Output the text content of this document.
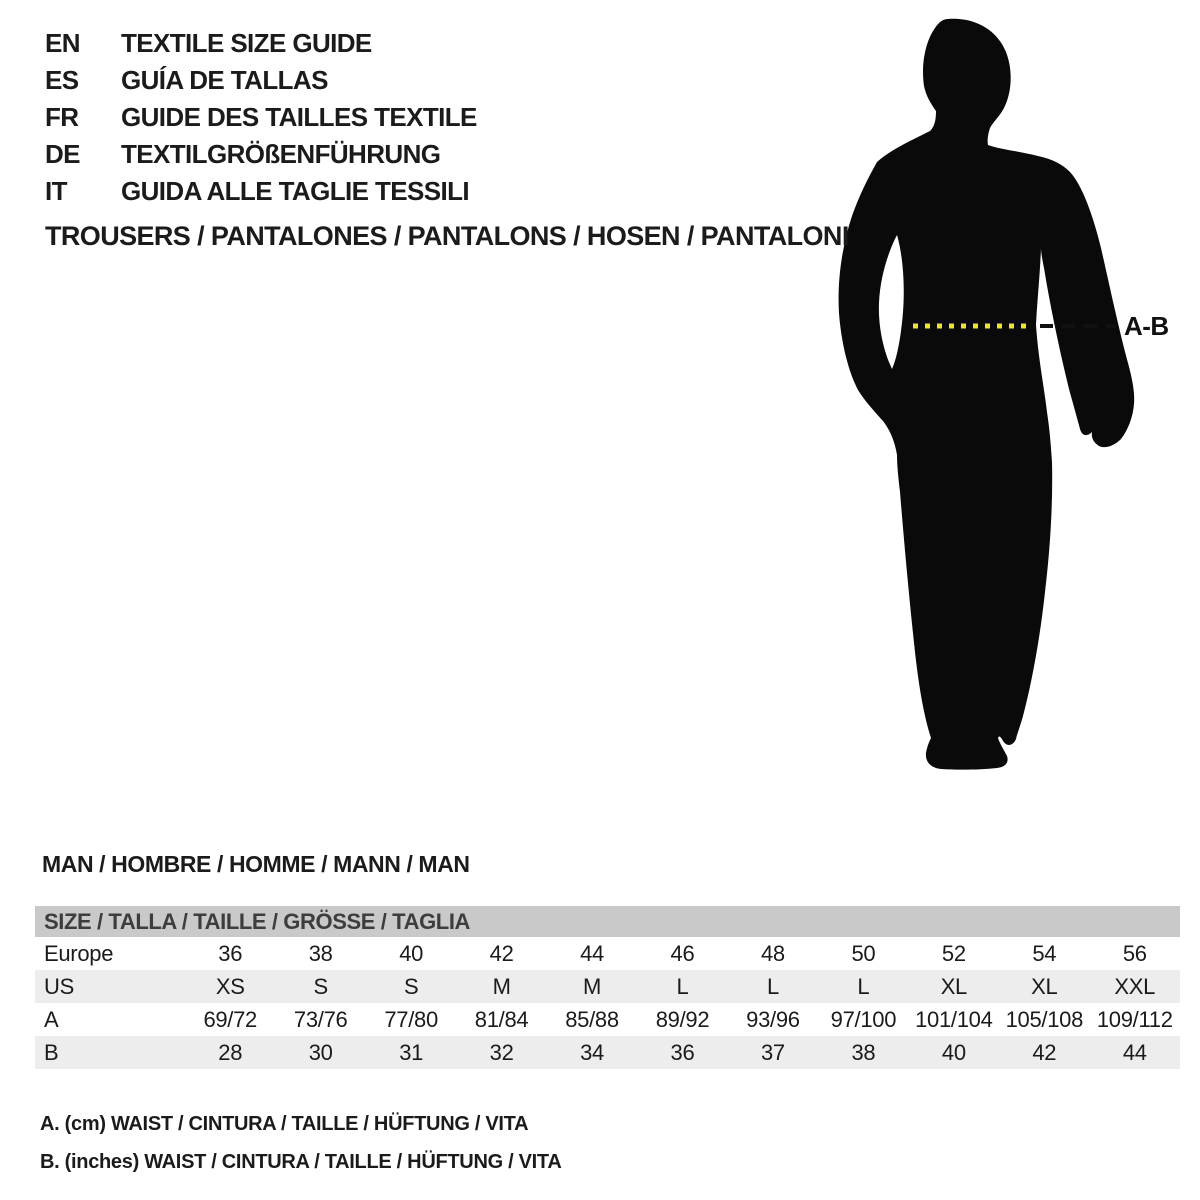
A-B
EN	TEXTILE SIZE GUIDE
ES	GUÍA DE TALLAS
FR	GUIDE DES TAILLES TEXTILE
DE	TEXTILGRÖßENFÜHRUNG
IT	GUIDA ALLE TAGLIE TESSILI
TROUSERS / PANTALONES / PANTALONS / HOSEN / PANTALONI
MAN / HOMBRE / HOMME / MANN / MAN
SIZE / TALLA / TAILLE / GRÖSSE / TAGLIA
Europe	36	38	40	42	44	46	48	50	52	54	56
US	XS	S	S	M	M	L	L	L	XL	XL	XXL
A	69/72	73/76	77/80	81/84	85/88	89/92	93/96	97/100 101/104 105/108 109/112
B	28	30	31	32	34	36	37	38	40	42	44
A. (cm) WAIST / CINTURA / TAILLE / HÜFTUNG / VITA
B. (inches) WAIST / CINTURA / TAILLE / HÜFTUNG / VITA
